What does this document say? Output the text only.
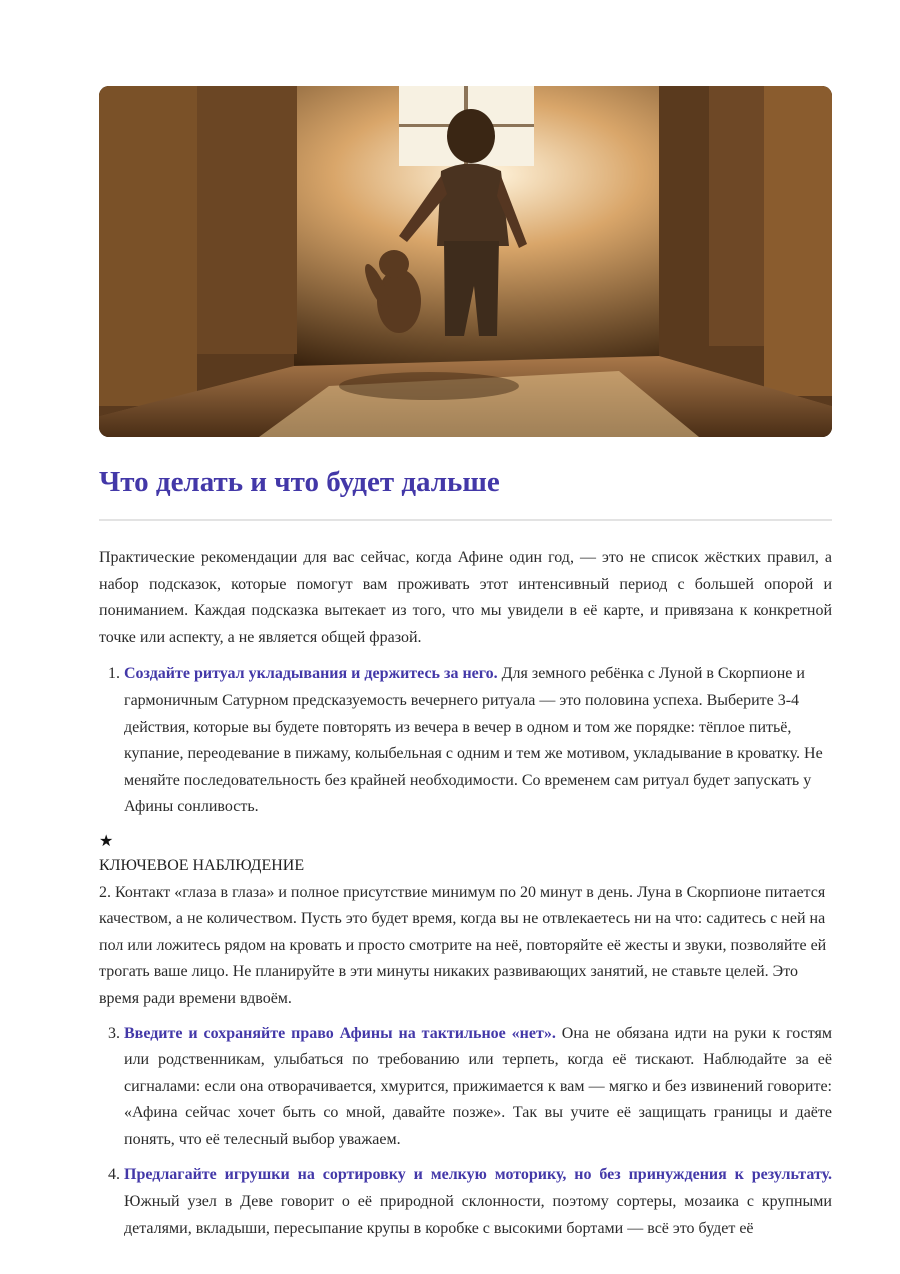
Что делать и что будет дальше

Практические рекомендации для вас сейчас, когда Афине один год, — это не список жёстких правил, а набор подсказок, которые помогут вам проживать этот интенсивный период с большей опорой и пониманием. Каждая подсказка вытекает из того, что мы увидели в её карте, и привязана к конкретной точке или аспекту, а не является общей фразой.

1. Создайте ритуал укладывания и держитесь за него. Для земного ребёнка с Луной в Скорпионе и гармоничным Сатурном предсказуемость вечернего ритуала — это половина успеха. Выберите 3-4 действия, которые вы будете повторять из вечера в вечер в одном и том же порядке: тёплое питьё, купание, переодевание в пижаму, колыбельная с одним и тем же мотивом, укладывание в кроватку. Не меняйте последовательность без крайней необходимости. Со временем сам ритуал будет запускать у Афины сонливость.
★
КЛЮЧЕВОЕ НАБЛЮДЕНИЕ
2. Контакт «глаза в глаза» и полное присутствие минимум по 20 минут в день. Луна в Скорпионе питается качеством, а не количеством. Пусть это будет время, когда вы не отвлекаетесь ни на что: садитесь с ней на пол или ложитесь рядом на кровать и просто смотрите на неё, повторяйте её жесты и звуки, позволяйте ей трогать ваше лицо. Не планируйте в эти минуты никаких развивающих занятий, не ставьте целей. Это время ради времени вдвоём.
3. Введите и сохраняйте право Афины на тактильное «нет». Она не обязана идти на руки к гостям или родственникам, улыбаться по требованию или терпеть, когда её тискают. Наблюдайте за её сигналами: если она отворачивается, хмурится, прижимается к вам — мягко и без извинений говорите: «Афина сейчас хочет быть со мной, давайте позже». Так вы учите её защищать границы и даёте понять, что её телесный выбор уважаем.
4. Предлагайте игрушки на сортировку и мелкую моторику, но без принуждения к результату. Южный узел в Деве говорит о её природной склонности, поэтому сортеры, мозаика с крупными деталями, вкладыши, пересыпание крупы в коробке с высокими бортами — всё это будет её
